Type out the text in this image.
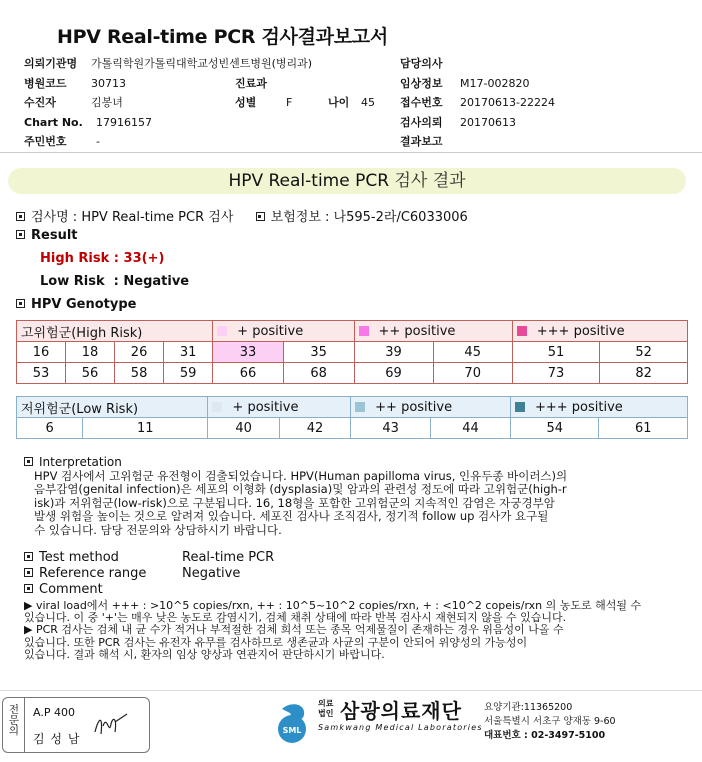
HPV Real-time PCR 검사결과보고서
의뢰기관명 가톨릭학원가톨릭대학교성빈센트병원(병리과)	담당의사
병원코드 30713	진료과	임상정보 M17-002820
수진자	김봉녀	성별	F	나이 45 접수번호 20170613-22224
Chart No. 17916157	검사의뢰 20170613
주민번호	-	결과보고
HPV Real-time PCR 검사 결과
검사명 : HPV Real-time PCR 검사	보험정보 : 나595-2라/C6033006
Result
High Risk : 33(+)
Low Risk  : Negative
HPV Genotype
고위험군(High Risk)				+ positive		++ positive		+++ positive	
16	18	26	31	33	35	39	45	51	52
53	56	58	59	66	68	69	70	73	82
저위험군(Low Risk)		+ positive		++ positive		+++ positive	
6	11	40	42	43	44	54	61
Interpretation

HPV 검사에서 고위험군 유전형이 검출되었습니다. HPV(Human papilloma virus, 인유두종 바이러스)의

음부감염(genital infection)은 세포의 이형화 (dysplasia)및 암과의 관련성 정도에 따라 고위험군(high-r

isk)과 저위험군(low-risk)으로 구분됩니다. 16, 18형을 포함한 고위험군의 지속적인 감염은 자궁경부암

발생 위험을 높이는 것으로 알려져 있습니다. 세포진 검사나 조직검사, 정기적 follow up 검사가 요구될

수 있습니다. 담당 전문의와 상담하시기 바랍니다.

Test method	Real-time PCR
Reference range	Negative
Comment
▶ viral load에서 +++ : >10^5 copies/rxn, ++ : 10^5~10^2 copies/rxn, + : <10^2 copeis/rxn 의 농도로 해석될 수
있습니다. 이 중 '+'는 매우 낮은 농도로 감염시기, 검체 채취 상태에 따라 반복 검사시 재현되지 않을 수 있습니다.
▶ PCR 검사는 검체 내 균 수가 적거나 부적절한 검체 희석 또는 종목 억제물질이 존재하는 경우 위음성이 나올 수
있습니다. 또한 PCR 검사는 유전자 유무를 검사하므로 생존균과 사균의 구분이 안되어 위양성의 가능성이
있습니다. 결과 해석 시, 환자의 임상 양상과 연관지어 판단하시기 바랍니다.
전문의	A.P 400
김 성 남
SML
의료
법인 삼광의료재단
Samkwang Medical Laboratories
요양기관:11365200
서울특별시 서초구 양재동 9-60
대표번호 : 02-3497-5100
